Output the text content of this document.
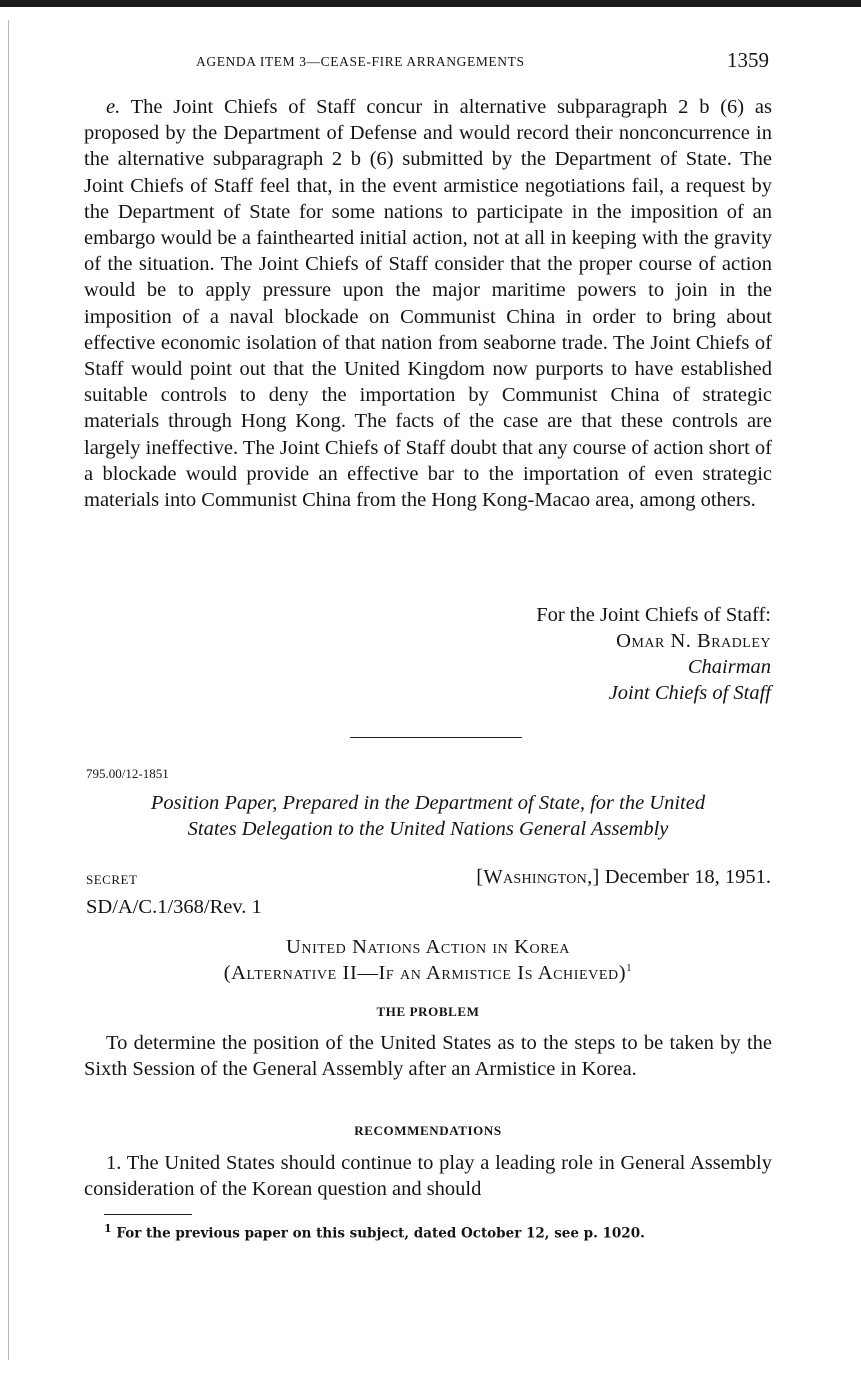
AGENDA ITEM 3—CEASE-FIRE ARRANGEMENTS	1359

e. The Joint Chiefs of Staff concur in alternative subparagraph 2 b (6) as proposed by the Department of Defense and would record their nonconcurrence in the alternative subparagraph 2 b (6) submitted by the Department of State. The Joint Chiefs of Staff feel that, in the event armistice negotiations fail, a request by the Department of State for some nations to participate in the imposition of an embargo would be a fainthearted initial action, not at all in keeping with the gravity of the situation. The Joint Chiefs of Staff consider that the proper course of action would be to apply pressure upon the major maritime powers to join in the imposition of a naval blockade on Communist China in order to bring about effective economic isolation of that nation from seaborne trade. The Joint Chiefs of Staff would point out that the United Kingdom now purports to have established suitable controls to deny the importation by Communist China of strategic materials through Hong Kong. The facts of the case are that these controls are largely ineffective. The Joint Chiefs of Staff doubt that any course of action short of a blockade would provide an effective bar to the importation of even strategic materials into Communist China from the Hong Kong-Macao area, among others.

For the Joint Chiefs of Staff:
Omar N. Bradley
Chairman
Joint Chiefs of Staff
795.00/12-1851
Position Paper, Prepared in the Department of State, for the United
States Delegation to the United Nations General Assembly
SECRET	[Washington,] December 18, 1951.
SD/A/C.1/368/Rev. 1
United Nations Action in Korea
(Alternative II—If an Armistice Is Achieved)$^1$
THE PROBLEM

To determine the position of the United States as to the steps to be taken by the Sixth Session of the General Assembly after an Armistice in Korea.

RECOMMENDATIONS

1. The United States should continue to play a leading role in General Assembly consideration of the Korean question and should

$^1$ For the previous paper on this subject, dated October 12, see p. 1020.
